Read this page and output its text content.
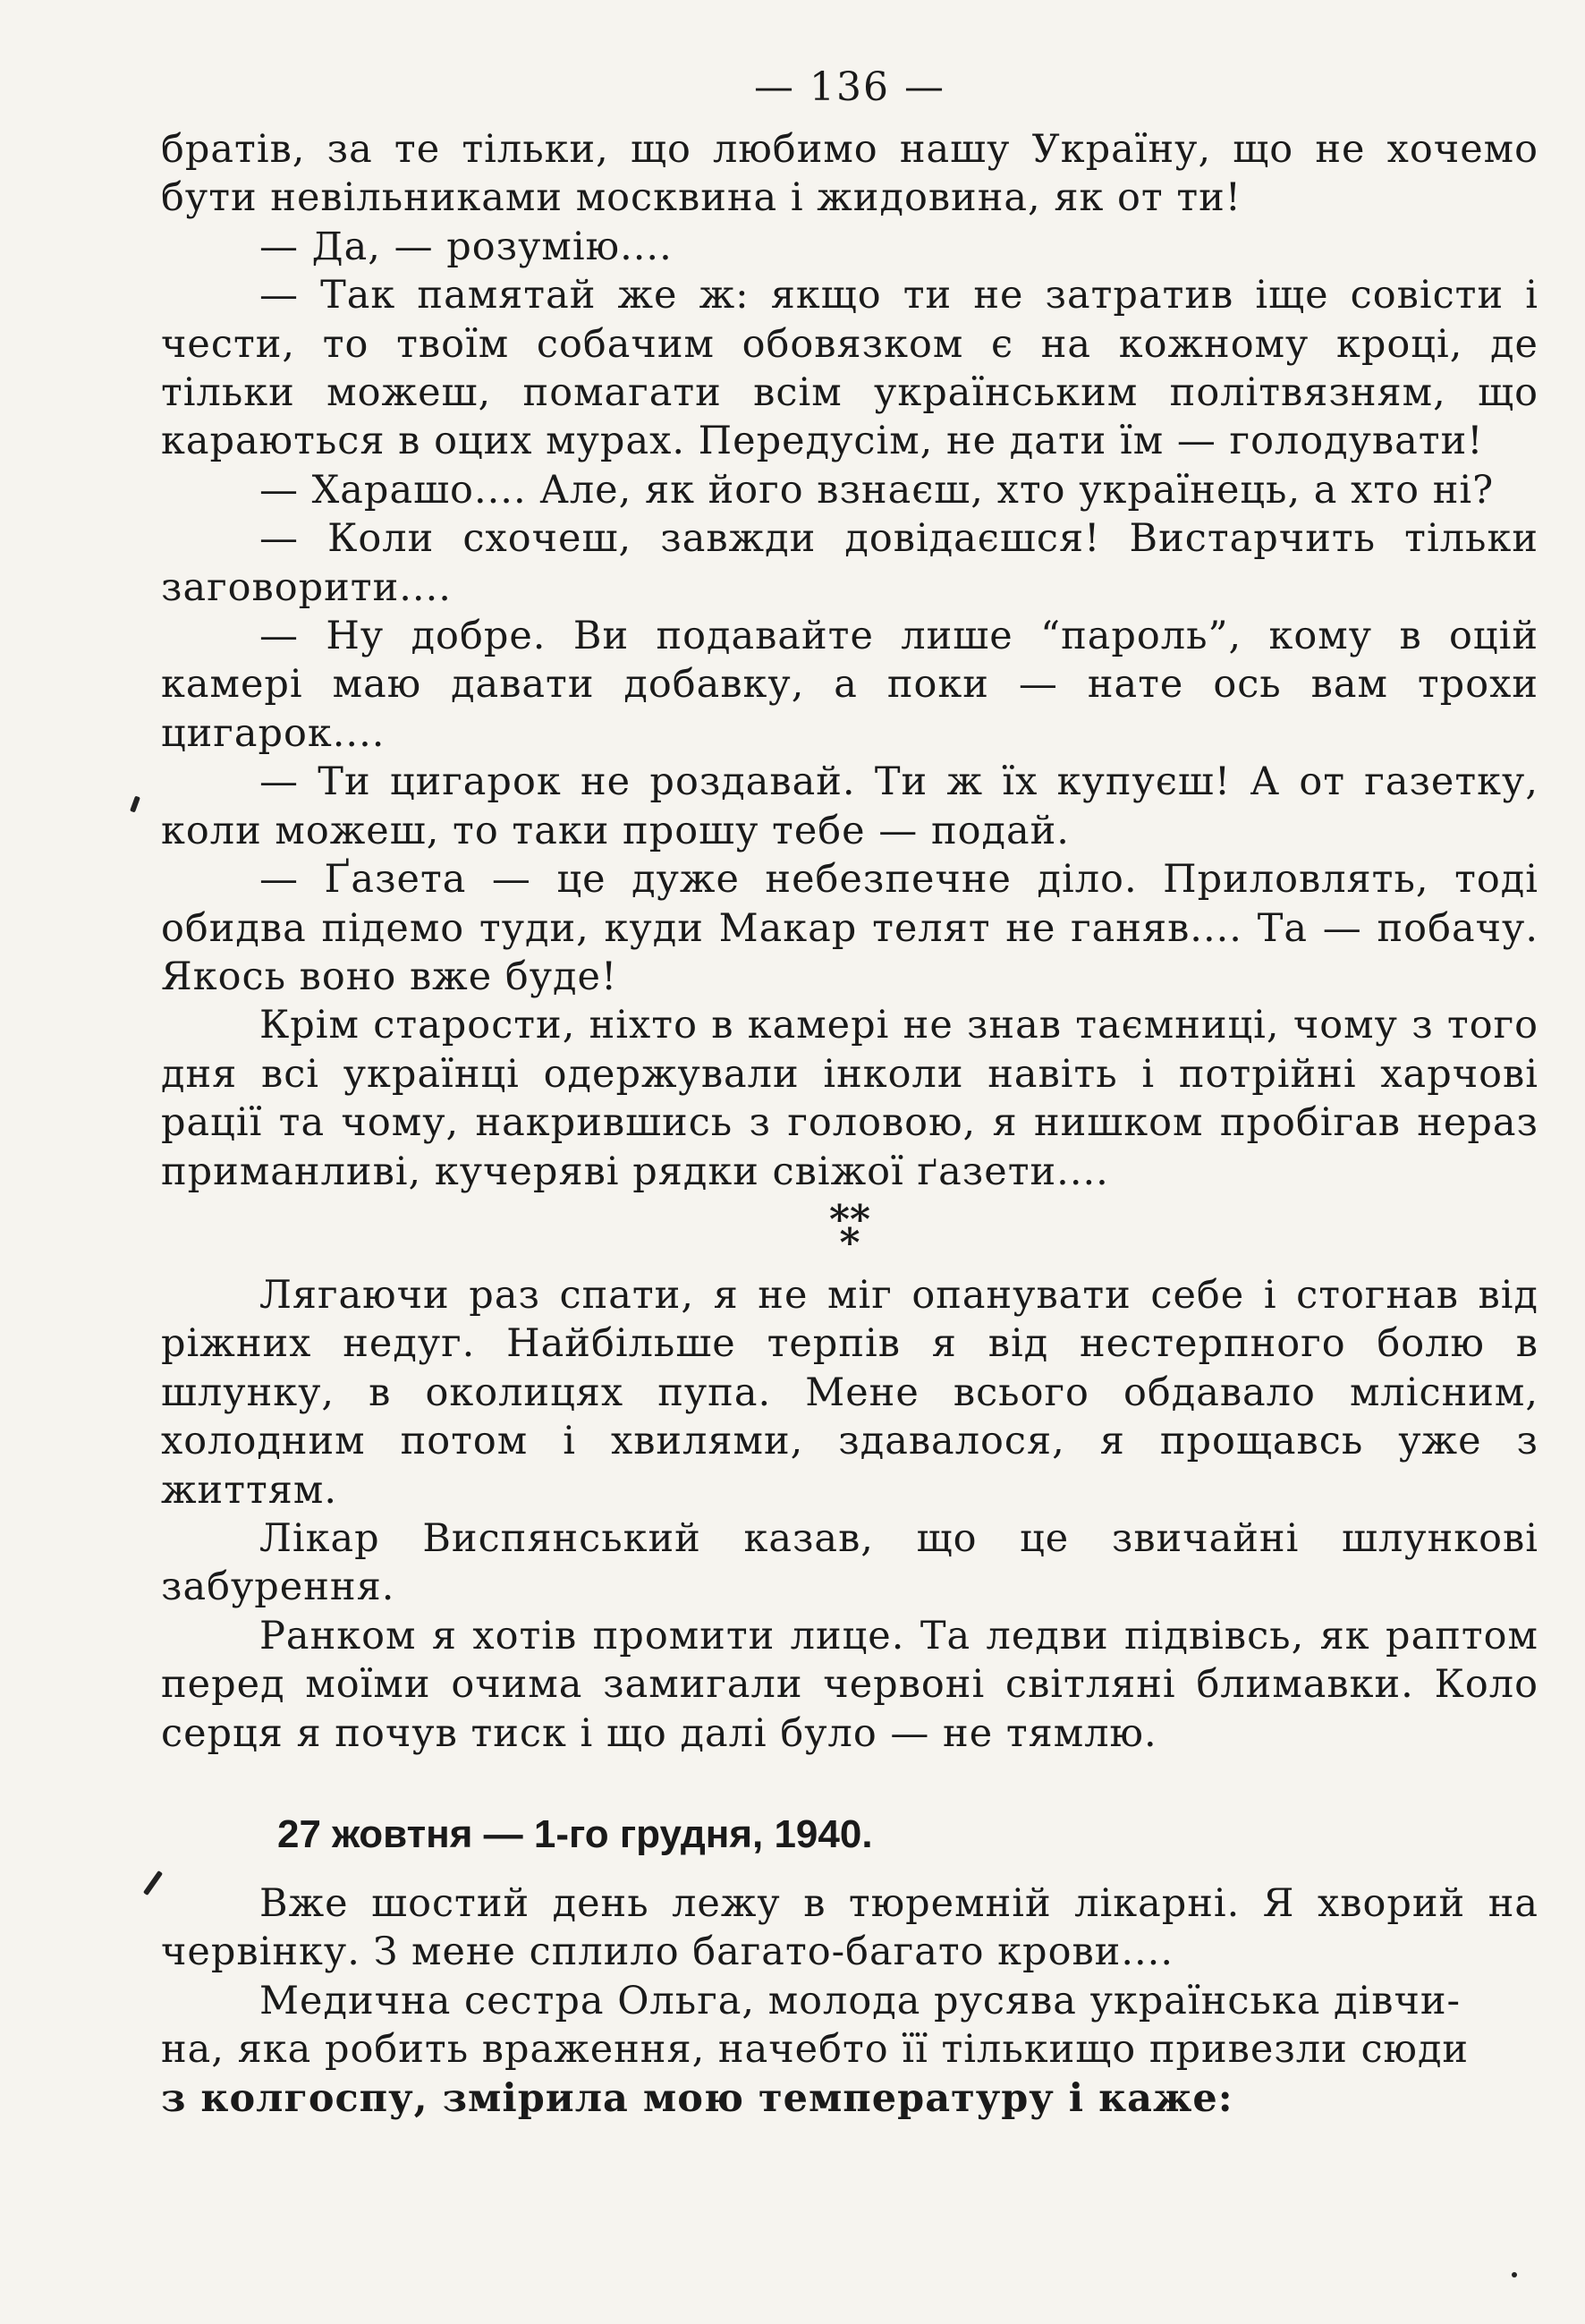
— 136 —

братів, за те тільки, що любимо нашу Україну, що не хочемо бути невільниками москвина і жидовина, як от ти!

— Да, — розумію....

— Так памятай же ж: якщо ти не затратив іще совісти і чести, то твоїм собачим обовязком є на кожному кроці, де тільки можеш, помагати всім українським політвязням, що караються в оцих мурах. Передусім, не дати їм — голодувати!

— Харашо.... Але, як його взнаєш, хто українець, а хто ні?

— Коли схочеш, завжди довідаєшся! Вистарчить тільки заговорити....

— Ну добре. Ви подавайте лише “пароль”, кому в оцій камері маю давати добавку, а поки — нате ось вам трохи цигарок....

— Ти цигарок не роздавай. Ти ж їх купуєш! А от газетку, коли можеш, то таки прошу тебе — подай.

— Ґазета — це дуже небезпечне діло. Приловлять, тоді обидва підемо туди, куди Макар телят не ганяв.... Та — побачу. Якось воно вже буде!

Крім старости, ніхто в камері не знав таємниці, чому з того дня всі українці одержували інколи навіть і потрійні харчові рації та чому, накрившись з головою, я нишком пробігав нераз приманливі, кучеряві рядки свіжої ґазети....

**
*

Лягаючи раз спати, я не міг опанувати себе і стогнав від ріжних недуг. Найбільше терпів я від нестерпного болю в шлунку, в околицях пупа. Мене всього обдавало млісним, холодним потом і хвилями, здавалося, я прощавсь уже з життям.

Лікар Виспянський казав, що це звичайні шлункові забурення.

Ранком я хотів промити лице. Та ледви підвівсь, як раптом перед моїми очима замигали червоні світляні блимавки. Коло серця я почув тиск і що далі було — не тямлю.

27 жовтня — 1-го грудня, 1940.

Вже шостий день лежу в тюремній лікарні. Я хворий на червінку. З мене сплило багато-багато крови....

Медична сестра Ольга, молода русява українська дівчи-

на, яка робить враження, начебто її тількищо привезли сюди

з колгоспу, змірила мою температуру і каже:
